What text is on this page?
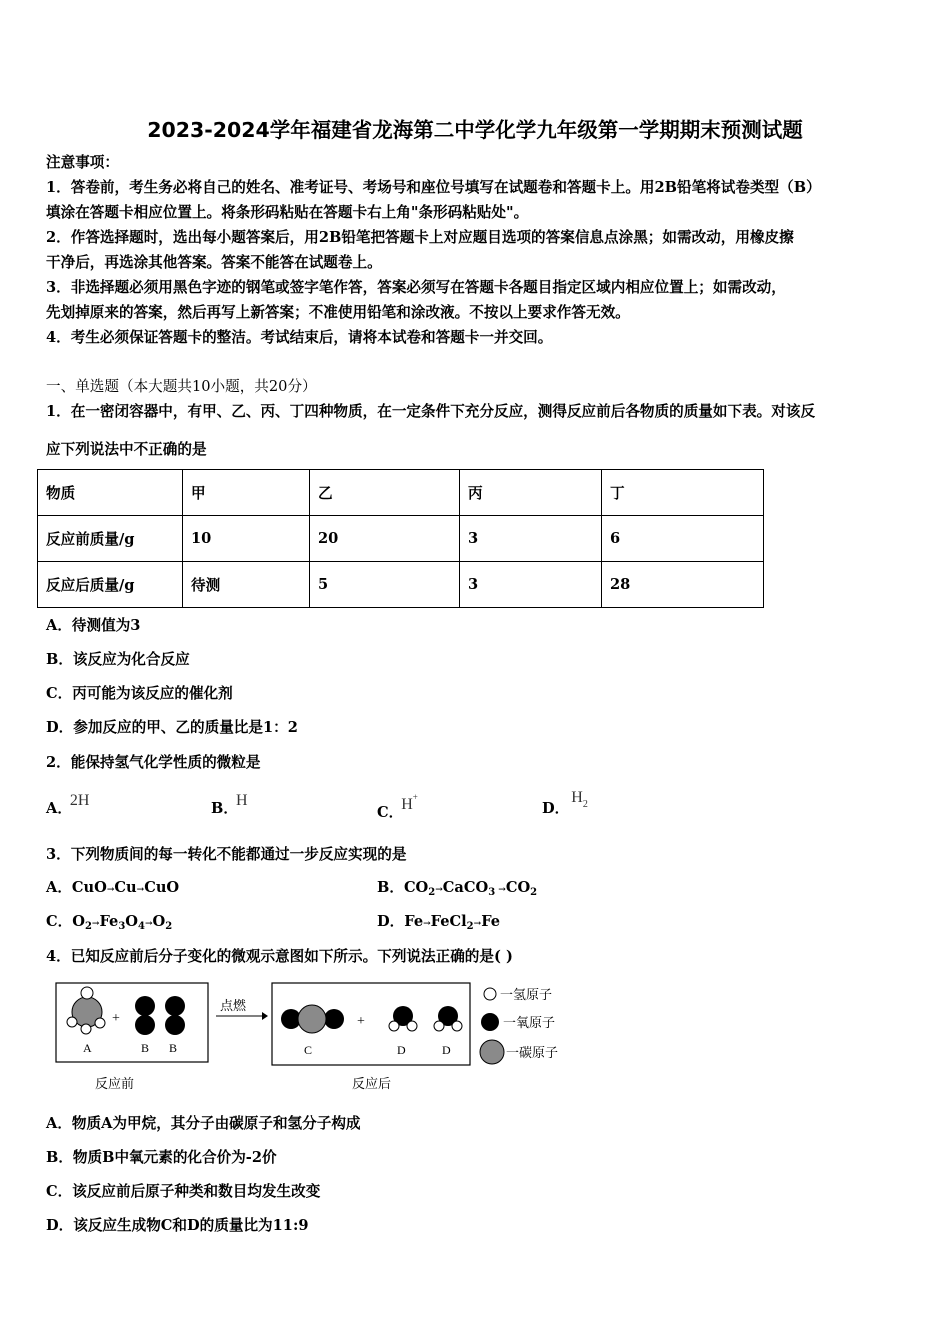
2023-2024学年福建省龙海第二中学化学九年级第一学期期末预测试题
注意事项：
1．答卷前，考生务必将自己的姓名、准考证号、考场号和座位号填写在试题卷和答题卡上。用2B铅笔将试卷类型（B）
填涂在答题卡相应位置上。将条形码粘贴在答题卡右上角"条形码粘贴处"。
2．作答选择题时，选出每小题答案后，用2B铅笔把答题卡上对应题目选项的答案信息点涂黑；如需改动，用橡皮擦
干净后，再选涂其他答案。答案不能答在试题卷上。
3．非选择题必须用黑色字迹的钢笔或签字笔作答，答案必须写在答题卡各题目指定区域内相应位置上；如需改动，
先划掉原来的答案，然后再写上新答案；不准使用铅笔和涂改液。不按以上要求作答无效。
4．考生必须保证答题卡的整洁。考试结束后，请将本试卷和答题卡一并交回。
一、单选题（本大题共10小题，共20分）
1．在一密闭容器中，有甲、乙、丙、丁四种物质，在一定条件下充分反应，测得反应前后各物质的质量如下表。对该反
应下列说法中不正确的是
物质	甲	乙	丙	丁
反应前质量/g	10	20	3	6
反应后质量/g	待测	5	3	28
A．待测值为3
B．该反应为化合反应
C．丙可能为该反应的催化剂
D．参加反应的甲、乙的质量比是1：2
2．能保持氢气化学性质的微粒是
A．2H	B．H
C．H+
D．$H^2$
3．下列物质间的每一转化不能都通过一步反应实现的是
A．CuO→Cu→CuO	B．$CO_2\to CaCO_3 \to CO_2$
C．$O_2\to Fe_3O_4\to O_2$	D．Fe→FeCl$_2$→Fe
4．已知反应前后分子变化的微观示意图如下所示。下列说法正确的是( )
A
+
B B
点燃
C
+
D	D
一氢原子
一氧原子
一碳原子
反应前	反应后
A．物质A为甲烷，其分子由碳原子和氢分子构成
B．物质B中氧元素的化合价为-2价
C．该反应前后原子种类和数目均发生改变
D．该反应生成物C和D的质量比为11:9
